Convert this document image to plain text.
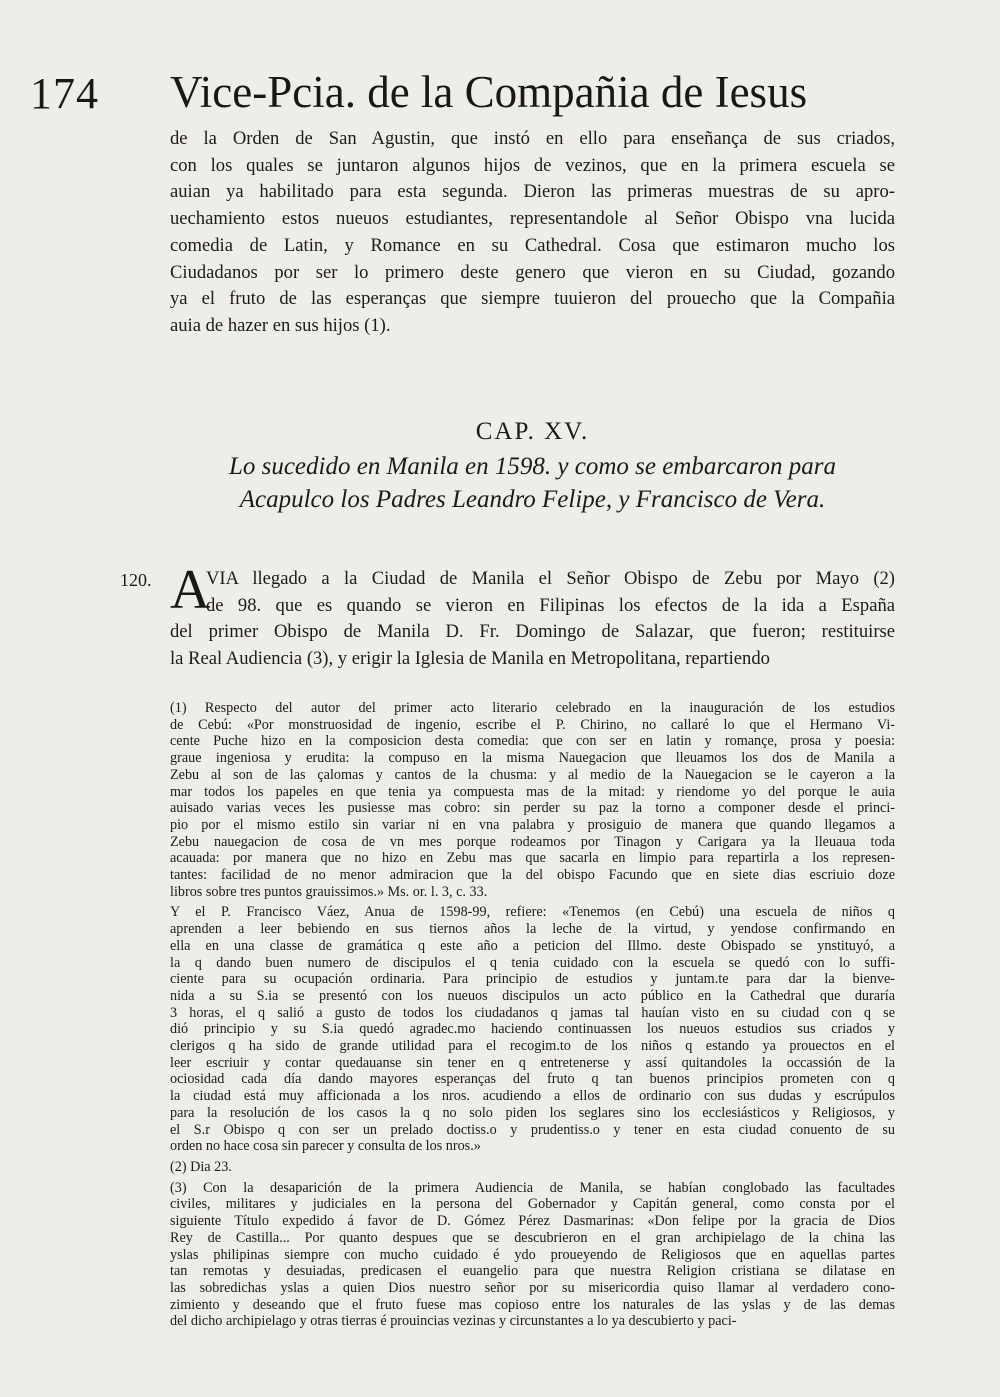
174 Vice-Pcia. de la Compañia de Iesus
de la Orden de San Agustin, que instó en ello para enseñança de sus criados,
con los quales se juntaron algunos hijos de vezinos, que en la primera escuela se
auian ya habilitado para esta segunda. Dieron las primeras muestras de su apro-
uechamiento estos nueuos estudiantes, representandole al Señor Obispo vna lucida
comedia de Latin, y Romance en su Cathedral. Cosa que estimaron mucho los
Ciudadanos por ser lo primero deste genero que vieron en su Ciudad, gozando
ya el fruto de las esperanças que siempre tuuieron del prouecho que la Compañia
auia de hazer en sus hijos (1).
CAP. XV.
Lo sucedido en Manila en 1598. y como se embarcaron para
Acapulco los Padres Leandro Felipe, y Francisco de Vera.
120. A
VIA llegado a la Ciudad de Manila el Señor Obispo de Zebu por Mayo (2)
de 98. que es quando se vieron en Filipinas los efectos de la ida a España
del primer Obispo de Manila D. Fr. Domingo de Salazar, que fueron; restituirse
la Real Audiencia (3), y erigir la Iglesia de Manila en Metropolitana, repartiendo
(1) Respecto del autor del primer acto literario celebrado en la inauguración de los estudios
de Cebú: «Por monstruosidad de ingenio, escribe el P. Chirino, no callaré lo que el Hermano Vi-
cente Puche hizo en la composicion desta comedia: que con ser en latin y romançe, prosa y poesia:
graue ingeniosa y erudita: la compuso en la misma Nauegacion que lleuamos los dos de Manila a
Zebu al son de las çalomas y cantos de la chusma: y al medio de la Nauegacion se le cayeron a la
mar todos los papeles en que tenia ya compuesta mas de la mitad: y riendome yo del porque le auia
auisado varias veces les pusiesse mas cobro: sin perder su paz la torno a componer desde el princi-
pio por el mismo estilo sin variar ni en vna palabra y prosiguio de manera que quando llegamos a
Zebu nauegacion de cosa de vn mes porque rodeamos por Tinagon y Carigara ya la lleuaua toda
acauada: por manera que no hizo en Zebu mas que sacarla en limpio para repartirla a los represen-
tantes: facilidad de no menor admiracion que la del obispo Facundo que en siete dias escriuio doze
libros sobre tres puntos grauissimos.» Ms. or. l. 3, c. 33.
Y el P. Francisco Váez, Anua de 1598-99, refiere: «Tenemos (en Cebú) una escuela de niños q
aprenden a leer bebiendo en sus tiernos años la leche de la virtud, y yendose confirmando en
ella en una classe de gramática q este año a peticion del Illmo. deste Obispado se ynstituyó, a
la q dando buen numero de discipulos el q tenia cuidado con la escuela se quedó con lo suffi-
ciente para su ocupación ordinaria. Para principio de estudios y juntam.te para dar la bienve-
nida a su S.ia se presentó con los nueuos discipulos un acto público en la Cathedral que duraría
3 horas, el q salió a gusto de todos los ciudadanos q jamas tal hauían visto en su ciudad con q se
dió principio y su S.ia quedó agradec.mo haciendo continuassen los nueuos estudios sus criados y
clerigos q ha sido de grande utilidad para el recogim.to de los niños q estando ya prouectos en el
leer escriuir y contar quedauanse sin tener en q entretenerse y assí quitandoles la occassión de la
ociosidad cada día dando mayores esperanças del fruto q tan buenos principios prometen con q
la ciudad está muy afficionada a los nros. acudiendo a ellos de ordinario con sus dudas y escrúpulos
para la resolución de los casos la q no solo piden los seglares sino los ecclesiásticos y Religiosos, y
el S.r Obispo q con ser un prelado doctiss.o y prudentiss.o y tener en esta ciudad conuento de su
orden no hace cosa sin parecer y consulta de los nros.»
(2) Dia 23.
(3) Con la desaparición de la primera Audiencia de Manila, se habían conglobado las facultades
civiles, militares y judiciales en la persona del Gobernador y Capitán general, como consta por el
siguiente Título expedido á favor de D. Gómez Pérez Dasmarinas: «Don felipe por la gracia de Dios
Rey de Castilla... Por quanto despues que se descubrieron en el gran archipielago de la china las
yslas philipinas siempre con mucho cuidado é ydo proueyendo de Religiosos que en aquellas partes
tan remotas y desuiadas, predicasen el euangelio para que nuestra Religion cristiana se dilatase en
las sobredichas yslas a quien Dios nuestro señor por su misericordia quiso llamar al verdadero cono-
zimiento y deseando que el fruto fuese mas copioso entre los naturales de las yslas y de las demas
del dicho archipielago y otras tierras é prouincias vezinas y circunstantes a lo ya descubierto y paci-
